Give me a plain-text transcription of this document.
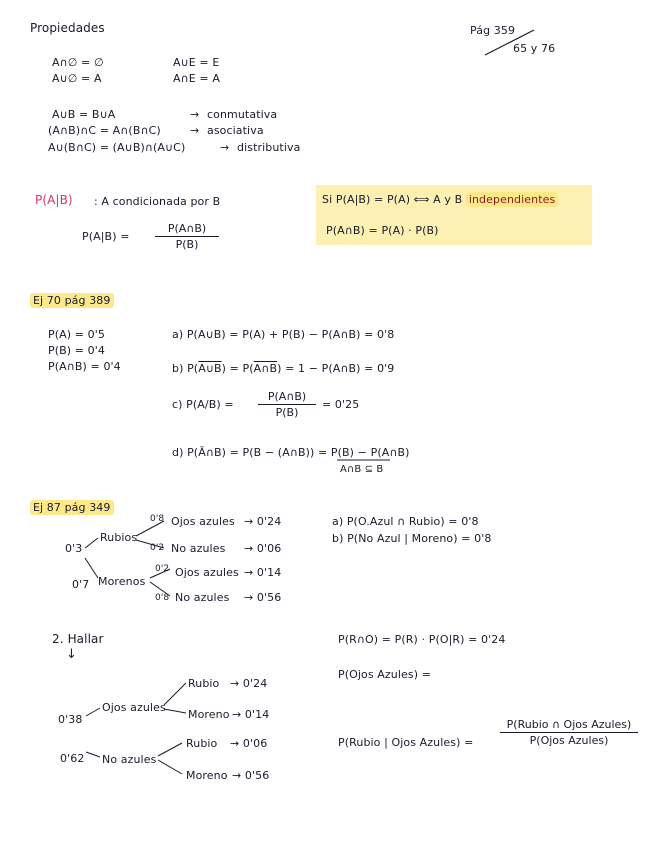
Propiedades	Pág 359
65 y 76
A∩∅ = ∅	A∪E = E
A∪∅ = A	A∩E = A
A∪B = B∪A	→ conmutativa
(A∩B)∩C = A∩(B∩C)	→ asociativa
A∪(B∩C) = (A∪B)∩(A∪C)	→ distributiva
P(A|B) : A condicionada por B
$P(A|B) = \frac{P(A\cap B)}{P(B)}$
Si P(A|B) = P(A) ⟺ A y B independientes
P(A∩B) = P(A) · P(B)
Ej 70 pág 389
P(A) = 0'5
P(B) = 0'4
P(A∩B) = 0'4
a) P(A∪B) = P(A) + P(B) − P(A∩B) = 0'8
b) P(A∪B) = P(A∩B) = 1 − P(A∩B) = 0'9
c) $P(A/B) = \frac{P(A\cap B)}{P(B)} = 0'25$
d) P(Ā∩B) = P(B − (A∩B)) = P(B) − P(A∩B)
A∩B ⊆ B
Ej 87 pág 349
0'3
Rubios
0'7 Morenos
0'8 Ojos azules → 0'24
0'2 No azules → 0'06
0'2 Ojos azules → 0'14
0'8 No azules → 0'56
a) P(O.Azul ∩ Rubio) = 0'8
b) P(No Azul | Moreno) = 0'8
2. Hallar
↓
0'38
Ojos azules
0'62 No azules
Rubio → 0'24
Moreno → 0'14
Rubio → 0'06
Moreno → 0'56
P(R∩O) = P(R) · P(O|R) = 0'24
P(Ojos Azules) =
P(Rubio | Ojos Azules) =
P(Rubio ∩ Ojos Azules)
P(Ojos Azules)
